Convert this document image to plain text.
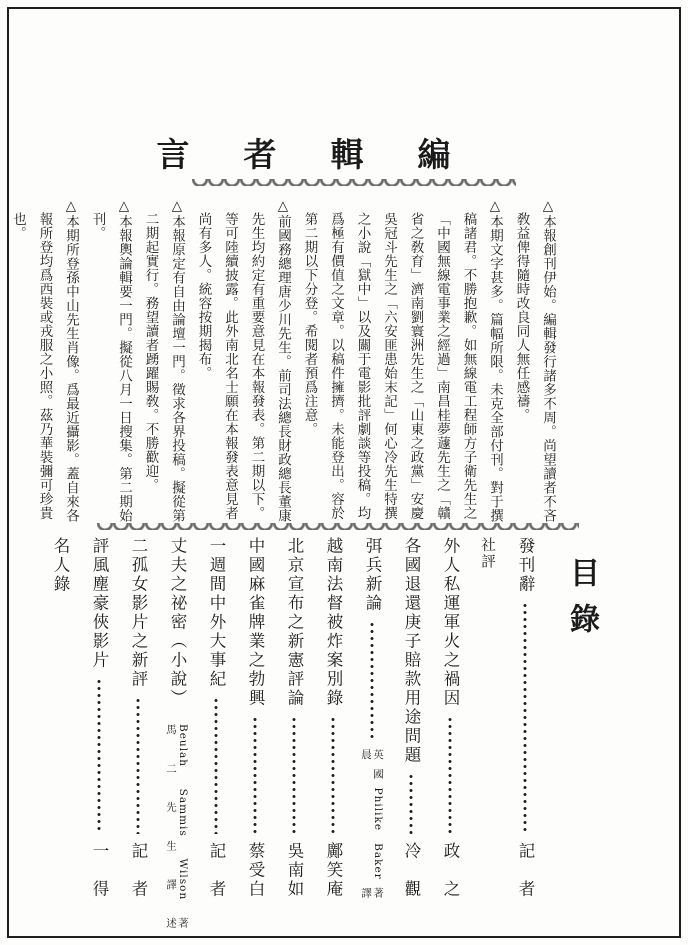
編輯者言

△本報創刊伊始。編輯發行諸多不周。尚望讀者不吝敎益俾得隨時改良同人無任感禱。

△本期文字甚多。篇幅所限。未克全部付刊。對于撰稿諸君。不勝抱歉。如無線電工程師方子衛先生之「中國無線電事業之經過」南昌桂夢蘧先生之「贛省之敎育」濟南劉寰洲先生之「山東之政黨」安慶吳冠斗先生之「六安匪患始末記」何心冷先生特撰之小說「獄中」以及關于電影批評劇談等投稿。均爲極有價值之文章。以稿件擁擠。未能登出。容於第二期以下分登。希閱者預爲注意。

△前國務總理唐少川先生。前司法總長財政總長董康先生均約定有重要意見在本報發表。第二期以下。等可陸續披露。此外南北名士願在本報發表意見者尚有多人。統容按期揭布。

△本報原定有自由論壇一門。徵求各界投稿。擬從第二期起實行。務望讀者踴躍賜敎。不勝歡迎。

△本報輿論輯要一門。擬從八月一日搜集。第二期始刊。

△本期所登孫中山先生肖像。爲最近攝影。蓋自來各報所登均爲西裝或戎服之小照。茲乃華裝彌可珍貴也。

目錄
發刊辭
記　者
社評
外人私運軍火之禍因
政　之
各國退還庚子賠款用途問題
冷　觀
弭兵新論
英國Philike Baker著
晨譯
越南法督被炸案別錄
鄺笑庵
北京宣布之新憲評論
吳南如
中國麻雀牌業之勃興
蔡受白
一週間中外大事紀
記　者
丈夫之祕密（小說）
Beulah Sammis Wilson著
馬二先生譯述
二孤女影片之新評
記　者
評風塵豪俠影片
一　得
名人錄
